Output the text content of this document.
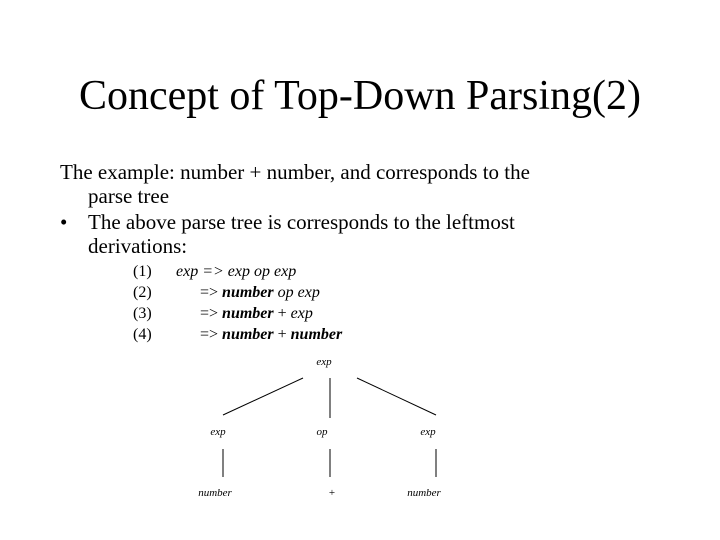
Concept of Top-Down Parsing(2)
The example: number + number, and corresponds to the
parse tree
• The above parse tree is corresponds to the leftmost
derivations:
(1) exp => exp op exp
(2)	=> number op exp
(3)	=> number + exp
(4)	=> number + number
exp
exp	op	exp
number	+	number
